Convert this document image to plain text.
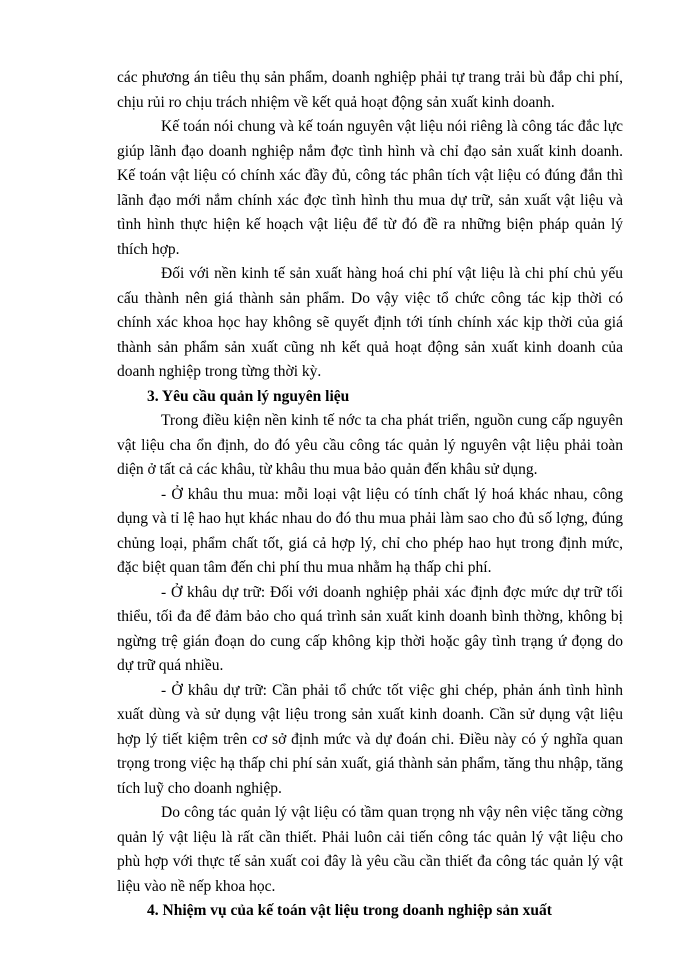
các phương án tiêu thụ sản phẩm, doanh nghiệp phải tự trang trải bù đắp chi phí, chịu rủi ro chịu trách nhiệm về kết quả hoạt động sản xuất kinh doanh.

Kế toán nói chung và kế toán nguyên vật liệu nói riêng là công tác đắc lực giúp lãnh đạo doanh nghiệp nắm đợc tình hình và chỉ đạo sản xuất kinh doanh. Kế toán vật liệu có chính xác đầy đủ, công tác phân tích vật liệu có đúng đắn thì lãnh đạo mới nắm chính xác đợc tình hình thu mua dự trữ, sản xuất vật liệu và tình hình thực hiện kế hoạch vật liệu để từ đó đề ra những biện pháp quản lý thích hợp.

Đối với nền kinh tế sản xuất hàng hoá chi phí vật liệu là chi phí chủ yếu cấu thành nên giá thành sản phẩm. Do vậy việc tổ chức công tác kịp thời có chính xác khoa học hay không sẽ quyết định tới tính chính xác kịp thời của giá thành sản phẩm sản xuất cũng nh kết quả hoạt động sản xuất kinh doanh của doanh nghiệp trong từng thời kỳ.

3. Yêu cầu quản lý nguyên liệu

Trong điều kiện nền kinh tế nớc ta cha phát triển, nguồn cung cấp nguyên vật liệu cha ổn định, do đó yêu cầu công tác quản lý nguyên vật liệu phải toàn diện ở tất cả các khâu, từ khâu thu mua bảo quản đến khâu sử dụng.

- Ở khâu thu mua: mỗi loại vật liệu có tính chất lý hoá khác nhau, công dụng và tỉ lệ hao hụt khác nhau do đó thu mua phải làm sao cho đủ số lợng, đúng chủng loại, phẩm chất tốt, giá cả hợp lý, chỉ cho phép hao hụt trong định mức, đặc biệt quan tâm đến chi phí thu mua nhằm hạ thấp chi phí.

- Ở khâu dự trữ: Đối với doanh nghiệp phải xác định đợc mức dự trữ tối thiểu, tối đa để đảm bảo cho quá trình sản xuất kinh doanh bình thờng, không bị ngừng trệ gián đoạn do cung cấp không kịp thời hoặc gây tình trạng ứ đọng do dự trữ quá nhiều.

- Ở khâu dự trữ: Cần phải tổ chức tốt việc ghi chép, phản ánh tình hình xuất dùng và sử dụng vật liệu trong sản xuất kinh doanh. Cần sử dụng vật liệu hợp lý tiết kiệm trên cơ sở định mức và dự đoán chi. Điều này có ý nghĩa quan trọng trong việc hạ thấp chi phí sản xuất, giá thành sản phẩm, tăng thu nhập, tăng tích luỹ cho doanh nghiệp.

Do công tác quản lý vật liệu có tầm quan trọng nh vậy nên việc tăng cờng quản lý vật liệu là rất cần thiết. Phải luôn cải tiến công tác quản lý vật liệu cho phù hợp với thực tế sản xuất coi đây là yêu cầu cần thiết đa công tác quản lý vật liệu vào nề nếp khoa học.

4. Nhiệm vụ của kế toán vật liệu trong doanh nghiệp sản xuất
